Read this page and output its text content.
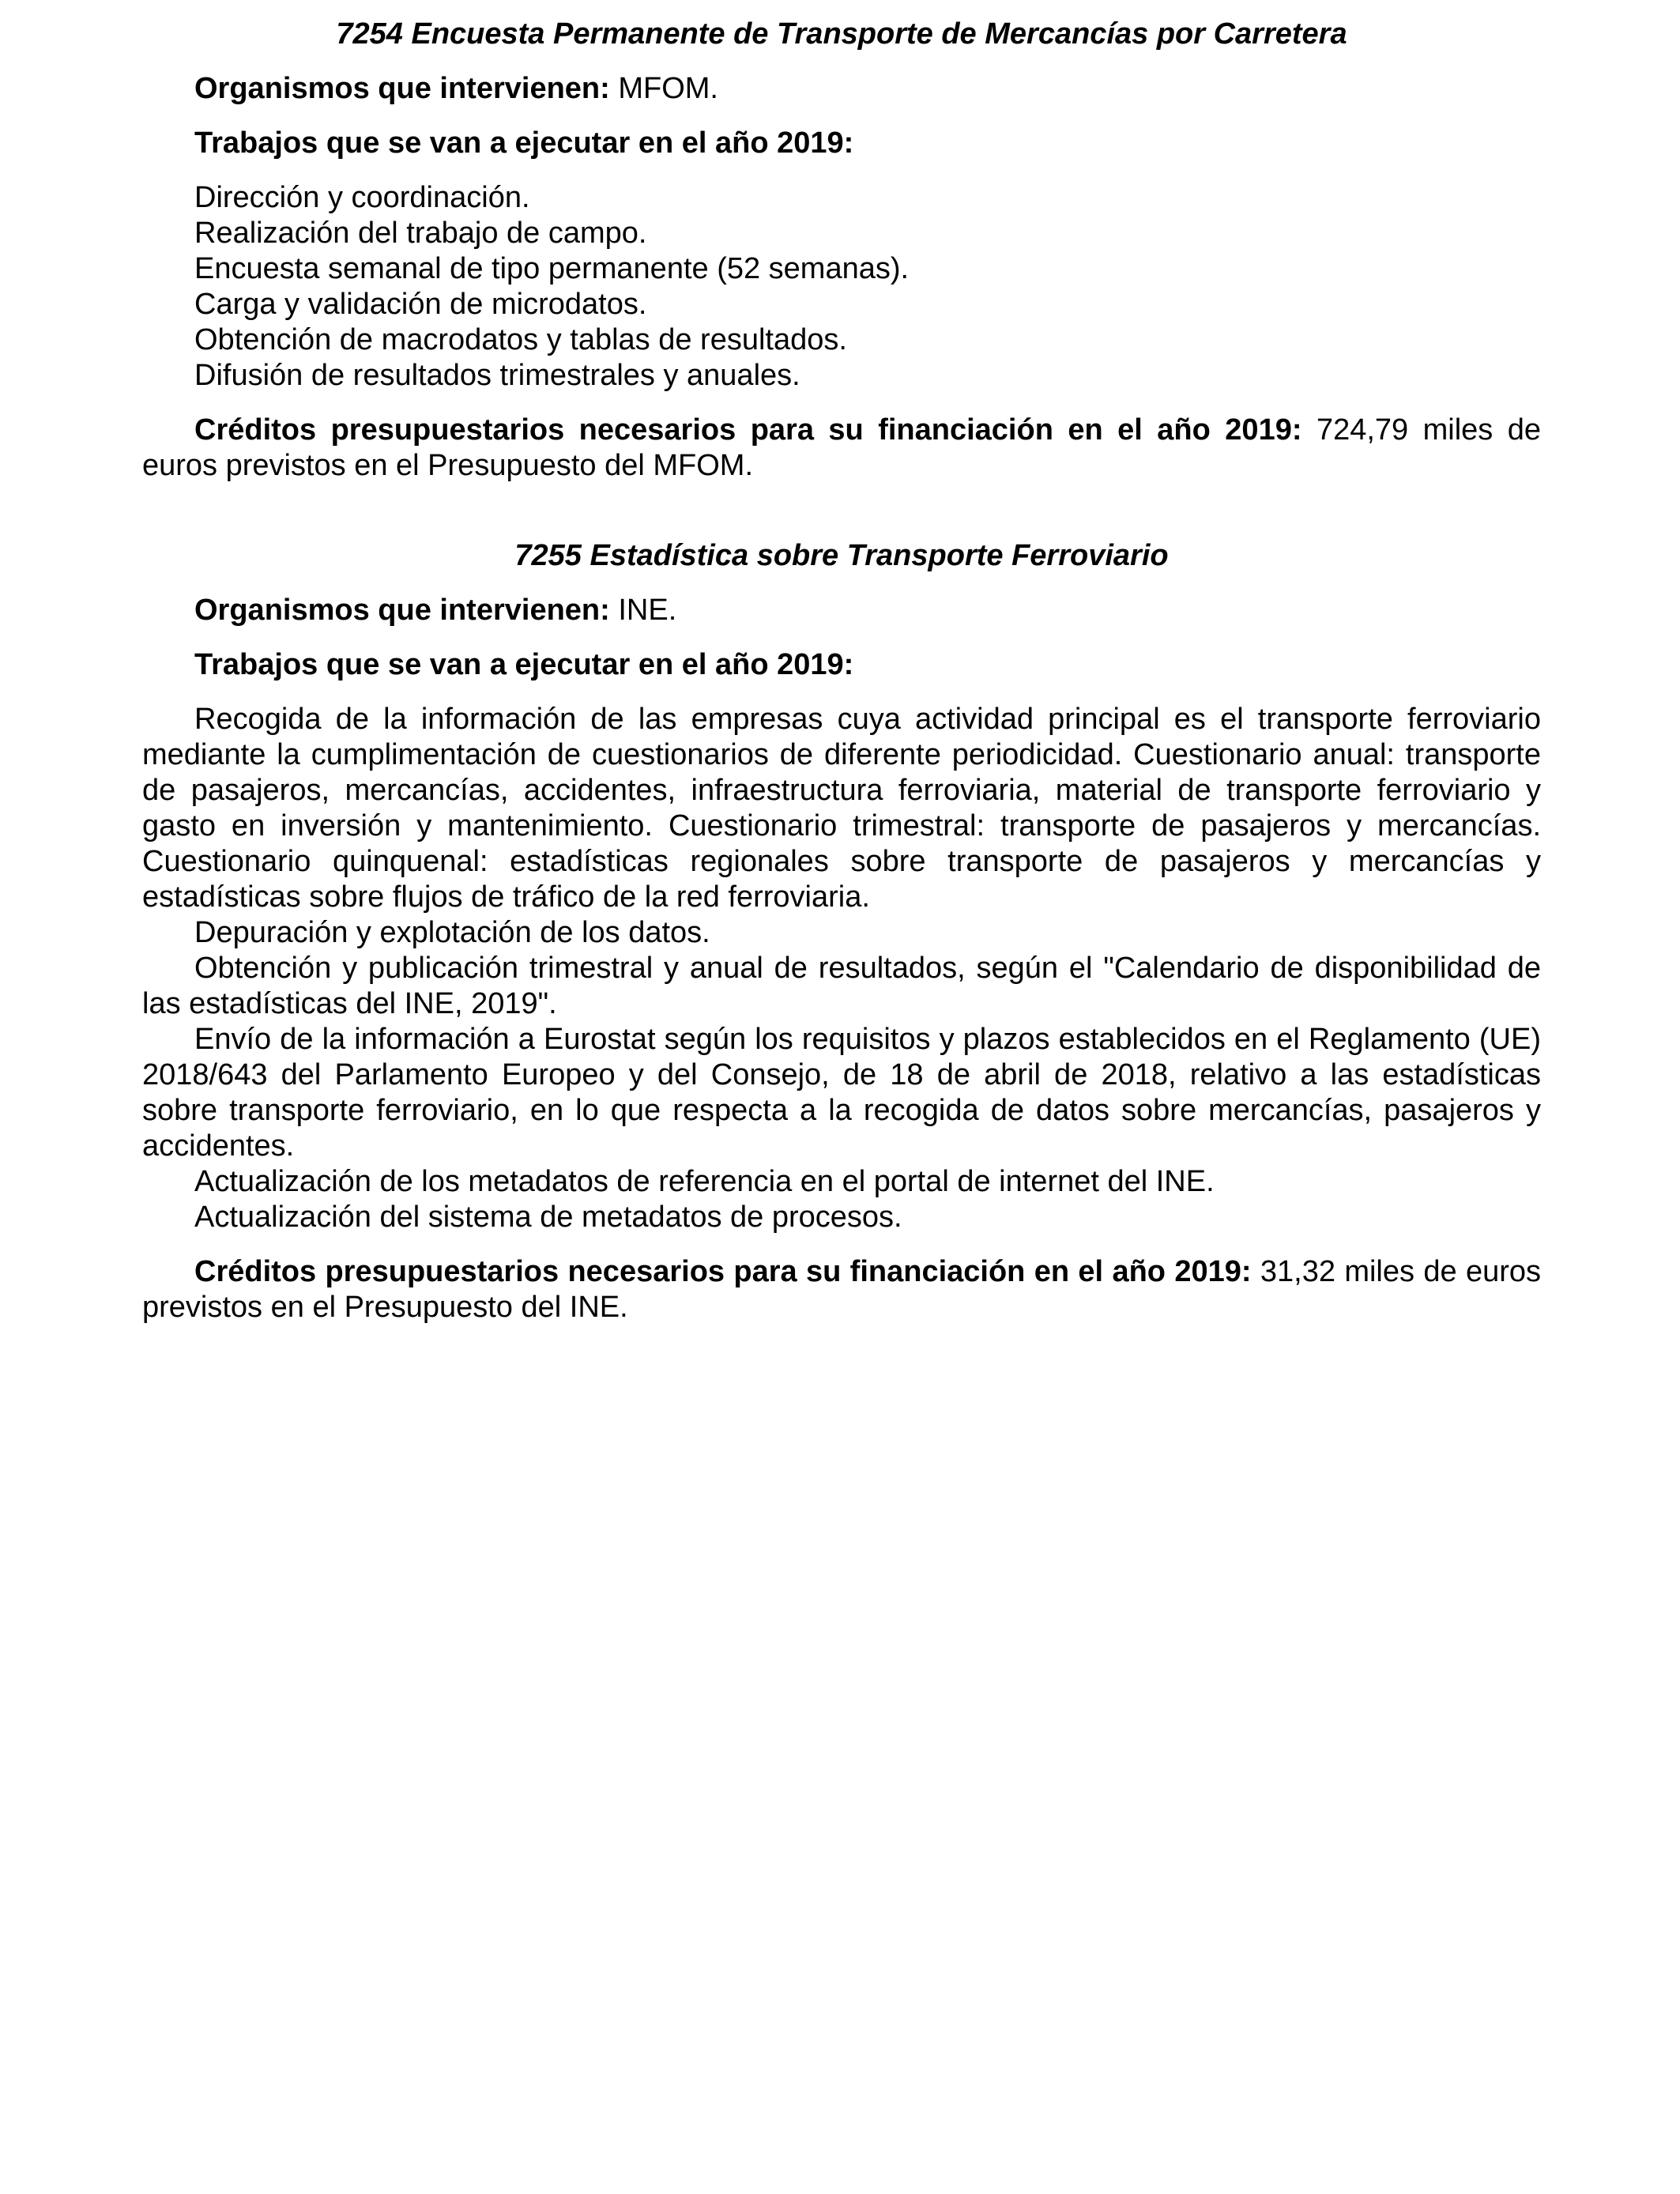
7254 Encuesta Permanente de Transporte de Mercancías por Carretera

Organismos que intervienen: MFOM.

Trabajos que se van a ejecutar en el año 2019:

Dirección y coordinación.
Realización del trabajo de campo.
Encuesta semanal de tipo permanente (52 semanas).
Carga y validación de microdatos.
Obtención de macrodatos y tablas de resultados.
Difusión de resultados trimestrales y anuales.

Créditos presupuestarios necesarios para su financiación en el año 2019: 724,79 miles de euros previstos en el Presupuesto del MFOM.

7255 Estadística sobre Transporte Ferroviario

Organismos que intervienen: INE.

Trabajos que se van a ejecutar en el año 2019:

Recogida de la información de las empresas cuya actividad principal es el transporte ferroviario mediante la cumplimentación de cuestionarios de diferente periodicidad. Cuestionario anual: transporte de pasajeros, mercancías, accidentes, infraestructura ferroviaria, material de transporte ferroviario y gasto en inversión y mantenimiento. Cuestionario trimestral: transporte de pasajeros y mercancías. Cuestionario quinquenal: estadísticas regionales sobre transporte de pasajeros y mercancías y estadísticas sobre flujos de tráfico de la red ferroviaria.

Depuración y explotación de los datos.

Obtención y publicación trimestral y anual de resultados, según el "Calendario de disponibilidad de las estadísticas del INE, 2019".

Envío de la información a Eurostat según los requisitos y plazos establecidos en el Reglamento (UE) 2018/643 del Parlamento Europeo y del Consejo, de 18 de abril de 2018, relativo a las estadísticas sobre transporte ferroviario, en lo que respecta a la recogida de datos sobre mercancías, pasajeros y accidentes.

Actualización de los metadatos de referencia en el portal de internet del INE.

Actualización del sistema de metadatos de procesos.

Créditos presupuestarios necesarios para su financiación en el año 2019: 31,32 miles de euros previstos en el Presupuesto del INE.
